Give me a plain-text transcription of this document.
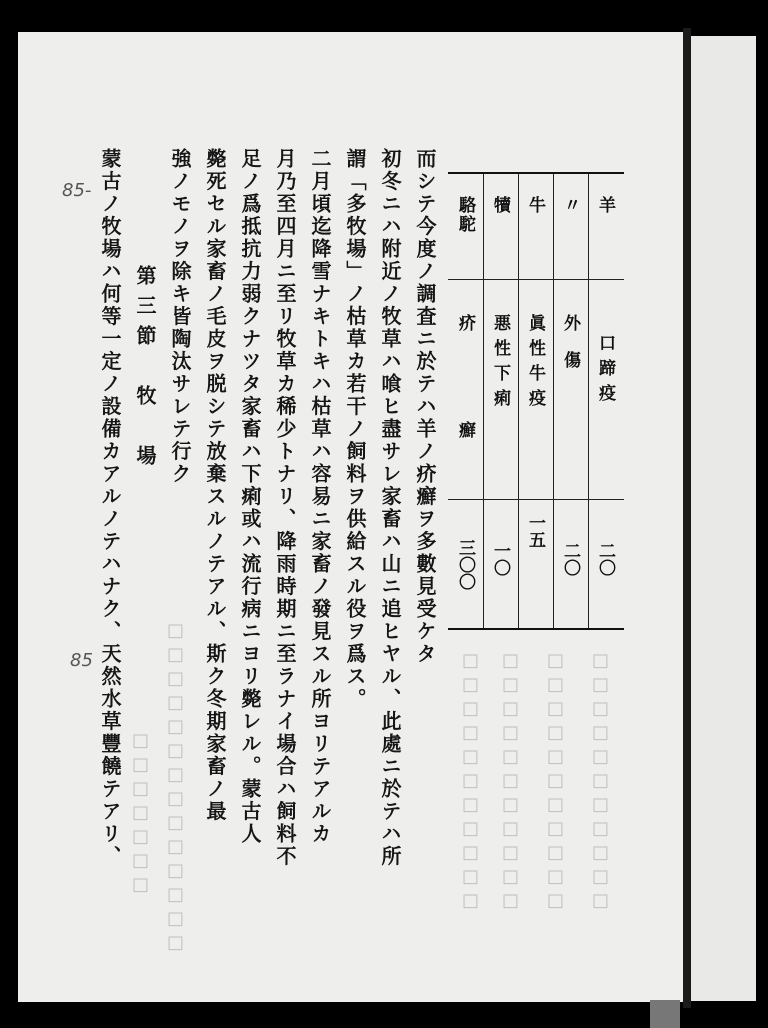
羊
口蹄疫
二〇
〃
外傷
二〇
牛
眞性牛疫
一五
犢
悪性下痢
一〇
駱駝
疥癬
三〇〇
而シテ今度ノ調査ニ於テハ羊ノ疥癬ヲ多數見受ケタ
初冬ニハ附近ノ牧草ハ喰ヒ盡サレ家畜ハ山ニ追ヒヤル、此處ニ於テハ所
謂「多牧場」ノ枯草カ若干ノ飼料ヲ供給スル役ヲ爲ス。
二月頃迄降雪ナキトキハ枯草ハ容易ニ家畜ノ發見スル所ヨリテアルカ
月乃至四月ニ至リ牧草カ稀少トナリ、降雨時期ニ至ラナイ場合ハ飼料不
足ノ爲抵抗力弱クナツタ家畜ハ下痢或ハ流行病ニヨリ斃レル。蒙古人
斃死セル家畜ノ毛皮ヲ脱シテ放棄スルノテアル、斯ク冬期家畜ノ最
強ノモノヲ除キ皆陶汰サレテ行ク
第三節　牧　場
蒙古ノ牧場ハ何等一定ノ設備カアルノテハナク、天然水草豐饒テアリ、	□□□□□□□□□□□ □□□□□□□□□□□ □□□□□□□□□□□ □□□□□□□□□□□
□□□□□□□□□□□□□□
□□□□□□□
85-
85
